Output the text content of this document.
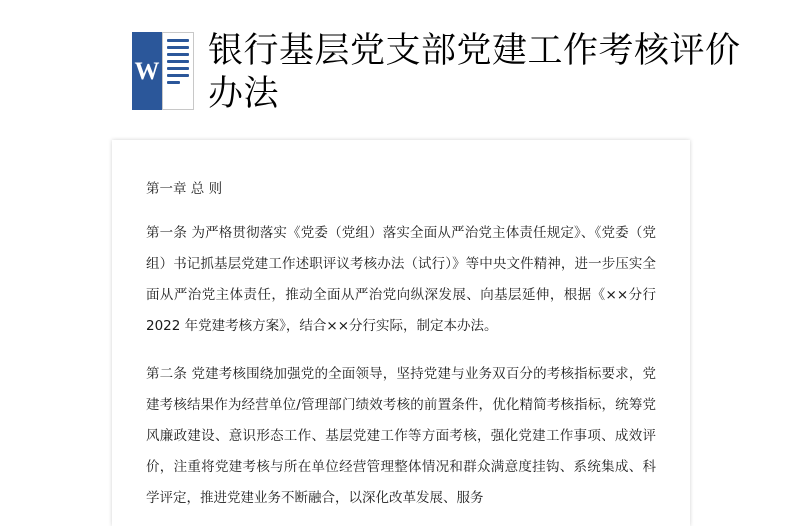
W 银行基层党支部党建工作考核评价办法

第一章 总 则

第一条 为严格贯彻落实《党委（党组）落实全面从严治党主体责任规定》、《党委（党组）书记抓基层党建工作述职评议考核办法（试行）》等中央文件精神，进一步压实全面从严治党主体责任，推动全面从严治党向纵深发展、向基层延伸，根据《××分行 2022 年党建考核方案》，结合××分行实际，制定本办法。

第二条 党建考核围绕加强党的全面领导，坚持党建与业务双百分的考核指标要求，党建考核结果作为经营单位/管理部门绩效考核的前置条件，优化精简考核指标，统筹党风廉政建设、意识形态工作、基层党建工作等方面考核，强化党建工作事项、成效评价，注重将党建考核与所在单位经营管理整体情况和群众满意度挂钩、系统集成、科学评定，推进党建业务不断融合，以深化改革发展、服务
